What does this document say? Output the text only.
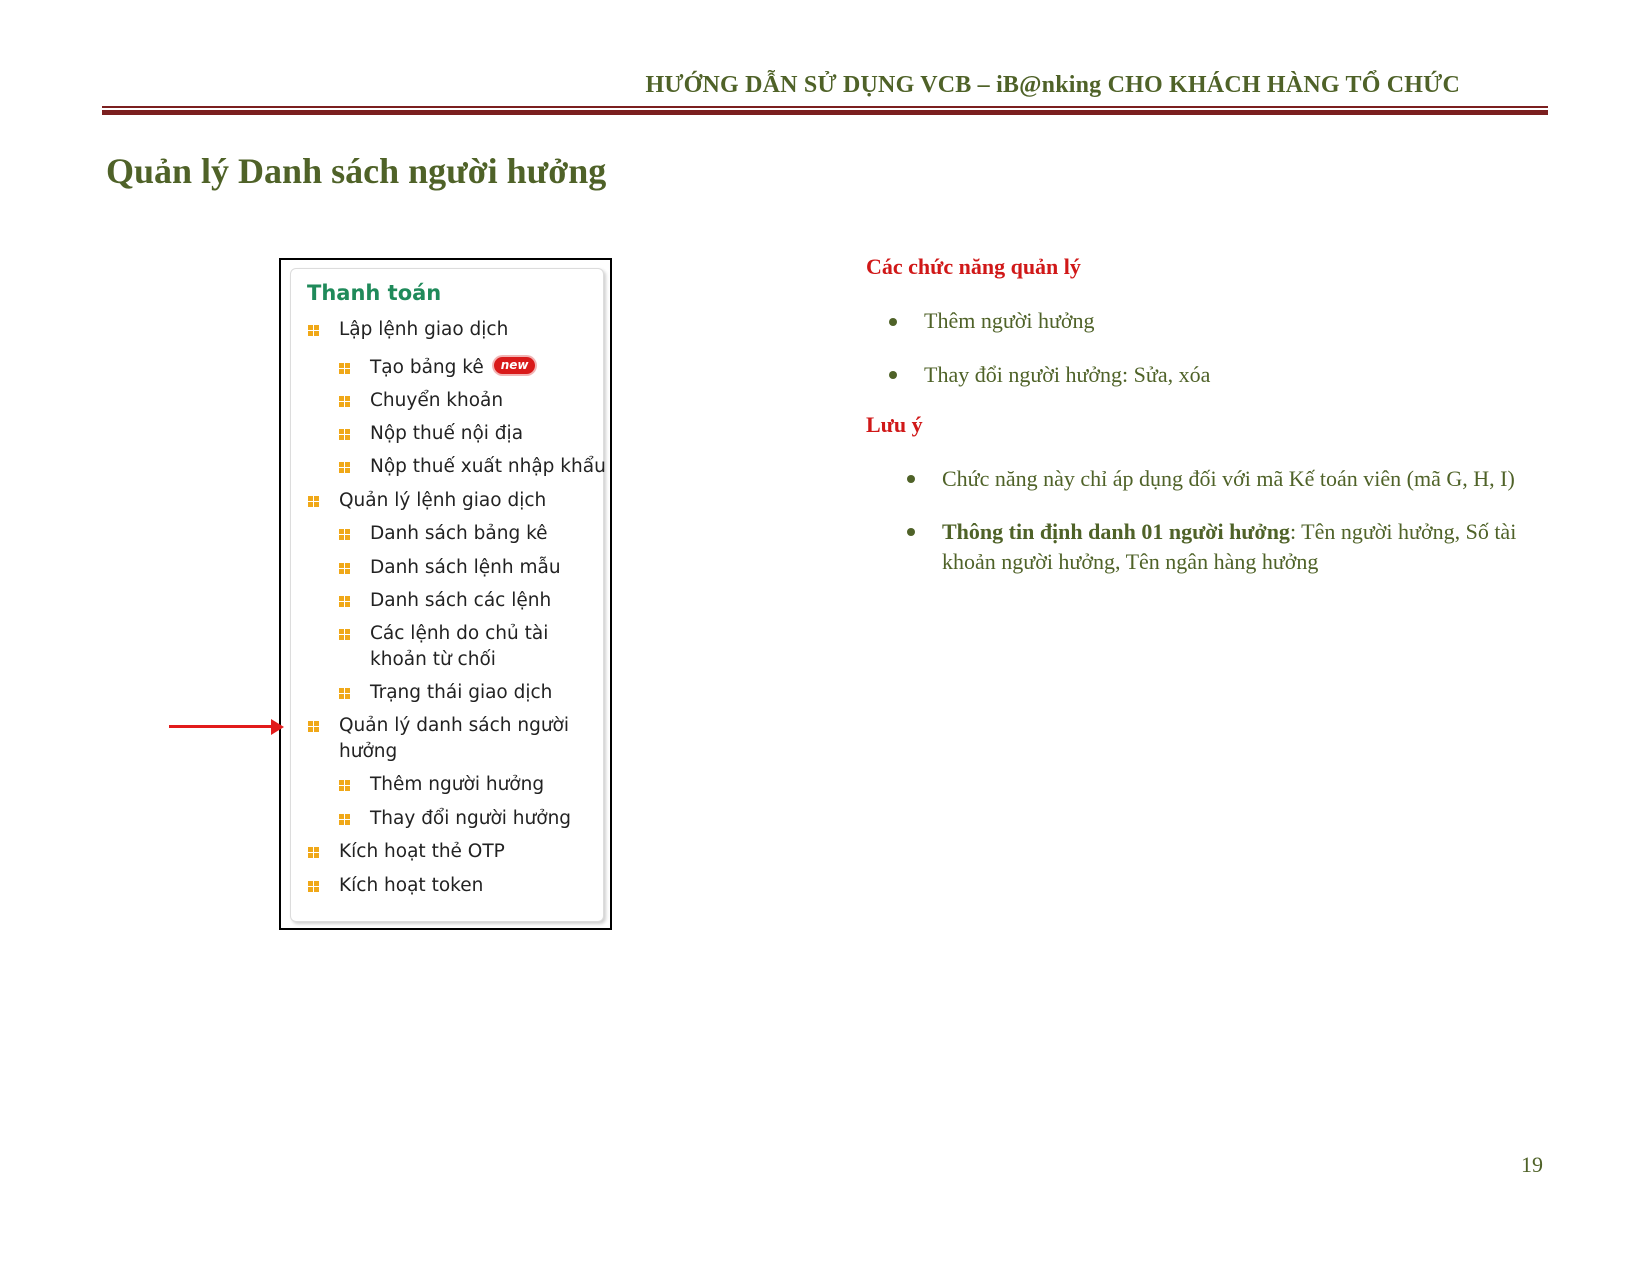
HƯỚNG DẪN SỬ DỤNG VCB – iB@nking CHO KHÁCH HÀNG TỔ CHỨC
Quản lý Danh sách người hưởng
Thanh toán
Lập lệnh giao dịch
Tạo bảng kê new
Chuyển khoản
Nộp thuế nội địa
Nộp thuế xuất nhập khẩu
Quản lý lệnh giao dịch
Danh sách bảng kê
Danh sách lệnh mẫu
Danh sách các lệnh
Các lệnh do chủ tài
khoản từ chối
Trạng thái giao dịch
Quản lý danh sách người
hưởng
Thêm người hưởng
Thay đổi người hưởng
Kích hoạt thẻ OTP
Kích hoạt token
Các chức năng quản lý
Thêm người hưởng
Thay đổi người hưởng: Sửa, xóa
Lưu ý
Chức năng này chỉ áp dụng đối với mã Kế toán viên (mã G, H, I)
Thông tin định danh 01 người hưởng: Tên người hưởng, Số tài
khoản người hưởng, Tên ngân hàng hưởng
19
